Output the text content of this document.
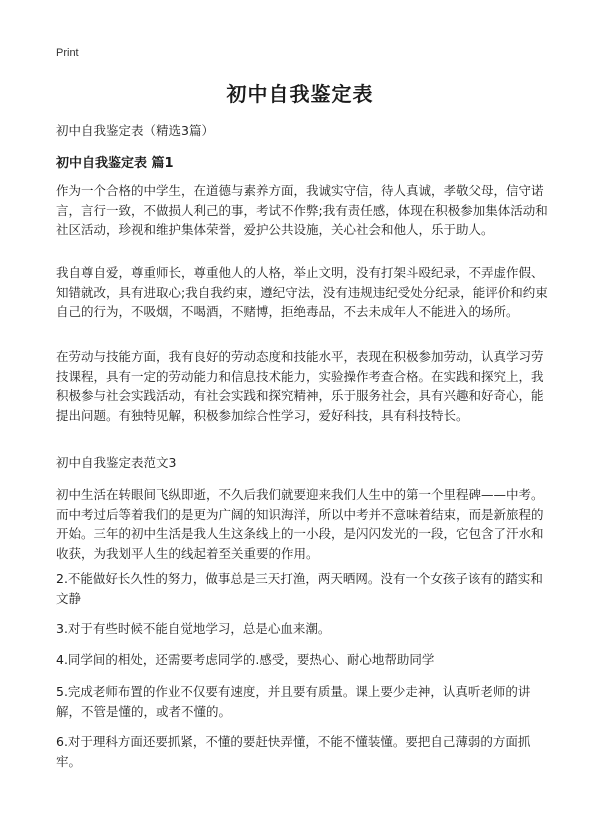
Print
初中自我鉴定表
初中自我鉴定表（精选3篇）
初中自我鉴定表 篇1
作为一个合格的中学生，在道德与素养方面，我诚实守信，待人真诚，孝敬父母，信守诺言，言行一致，不做损人利己的事，考试不作弊;我有责任感，体现在积极参加集体活动和社区活动，珍视和维护集体荣誉，爱护公共设施，关心社会和他人，乐于助人。
我自尊自爱，尊重师长，尊重他人的人格，举止文明，没有打架斗殴纪录，不弄虚作假、知错就改，具有进取心;我自我约束，遵纪守法，没有违规违纪受处分纪录，能评价和约束自己的行为，不吸烟，不喝酒，不赌博，拒绝毒品，不去未成年人不能进入的场所。
在劳动与技能方面，我有良好的劳动态度和技能水平，表现在积极参加劳动，认真学习劳技课程，具有一定的劳动能力和信息技术能力，实验操作考查合格。在实践和探究上，我积极参与社会实践活动，有社会实践和探究精神，乐于服务社会，具有兴趣和好奇心，能提出问题。有独特见解，积极参加综合性学习，爱好科技，具有科技特长。
初中自我鉴定表范文3
初中生活在转眼间飞纵即逝，不久后我们就要迎来我们人生中的第一个里程碑——中考。而中考过后等着我们的是更为广阔的知识海洋，所以中考并不意味着结束，而是新旅程的开始。三年的初中生活是我人生这条线上的一小段，是闪闪发光的一段，它包含了汗水和收获，为我划平人生的线起着至关重要的作用。
2.不能做好长久性的努力，做事总是三天打渔，两天晒网。没有一个女孩子该有的踏实和文静
3.对于有些时候不能自觉地学习，总是心血来潮。
4.同学间的相处，还需要考虑同学的.感受，要热心、耐心地帮助同学
5.完成老师布置的作业不仅要有速度，并且要有质量。课上要少走神，认真听老师的讲解，不管是懂的，或者不懂的。
6.对于理科方面还要抓紧，不懂的要赶快弄懂，不能不懂装懂。要把自己薄弱的方面抓牢。
